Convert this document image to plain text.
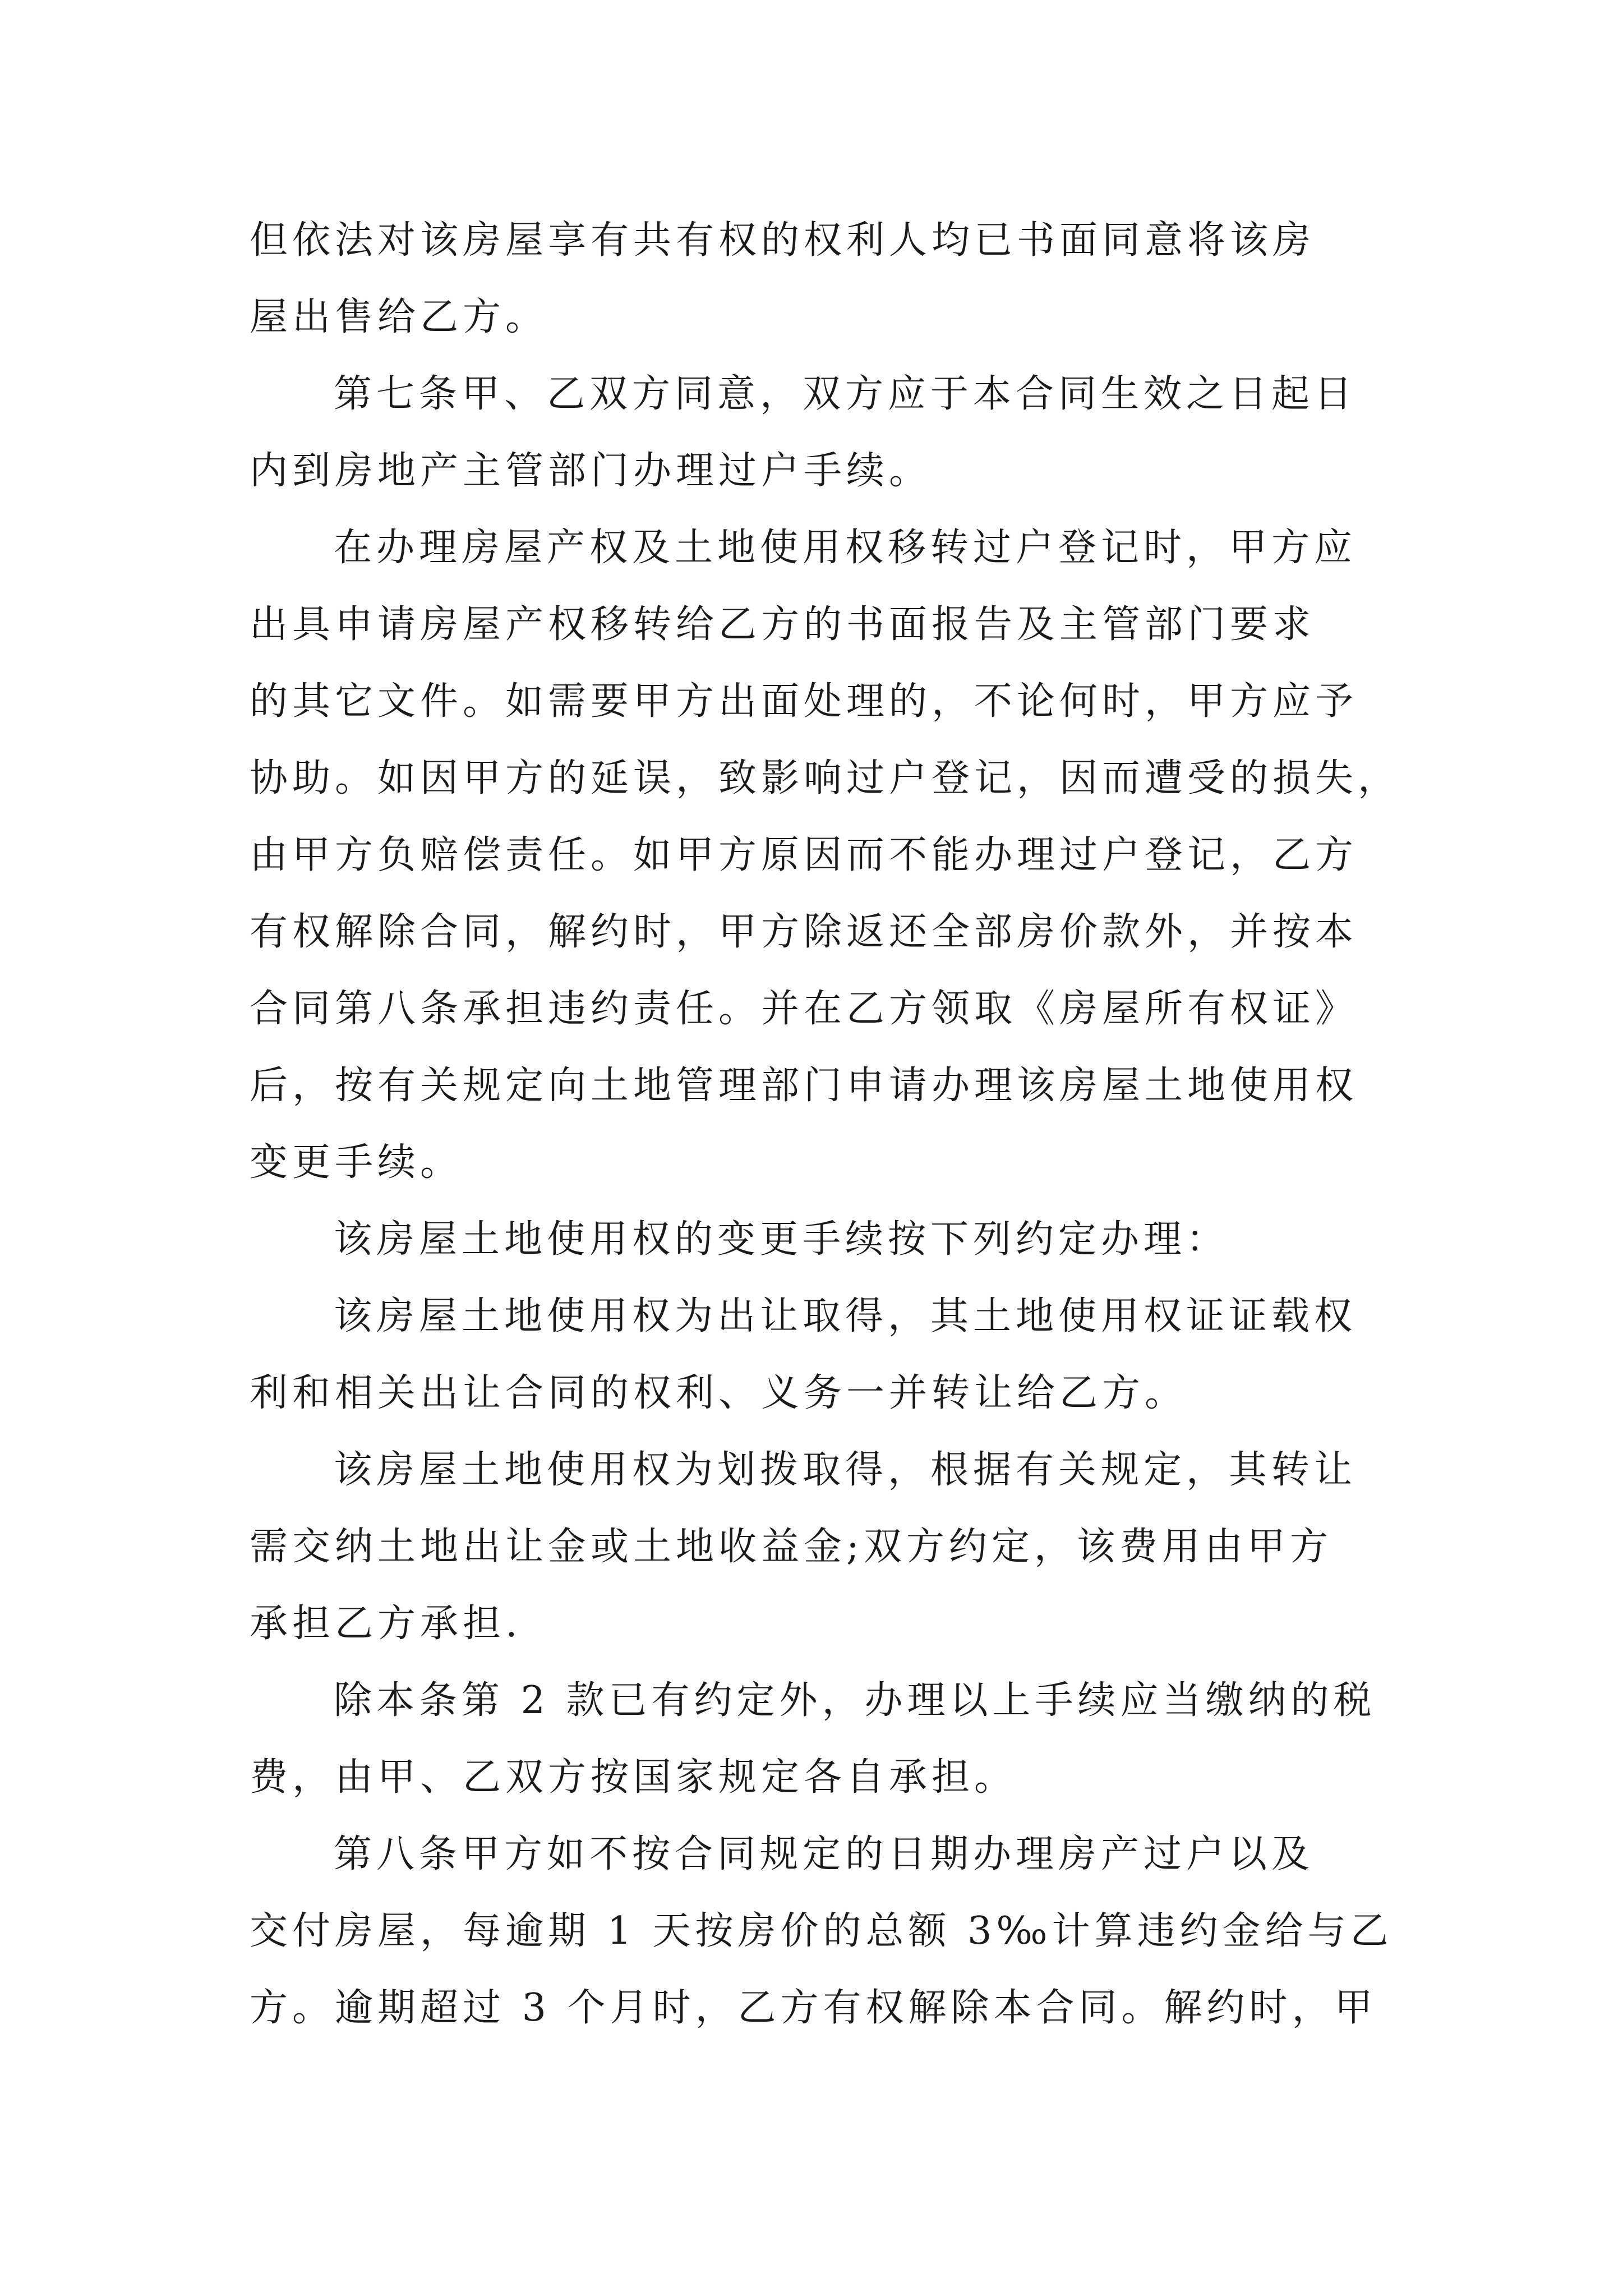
但依法对该房屋享有共有权的权利人均已书面同意将该房
屋出售给乙方。
第七条甲、乙双方同意，双方应于本合同生效之日起日
内到房地产主管部门办理过户手续。
在办理房屋产权及土地使用权移转过户登记时，甲方应
出具申请房屋产权移转给乙方的书面报告及主管部门要求
的其它文件。如需要甲方出面处理的，不论何时，甲方应予
协助。如因甲方的延误，致影响过户登记，因而遭受的损失，
由甲方负赔偿责任。如甲方原因而不能办理过户登记，乙方
有权解除合同，解约时，甲方除返还全部房价款外，并按本
合同第八条承担违约责任。并在乙方领取《房屋所有权证》
后，按有关规定向土地管理部门申请办理该房屋土地使用权
变更手续。
该房屋土地使用权的变更手续按下列约定办理：
该房屋土地使用权为出让取得，其土地使用权证证载权
利和相关出让合同的权利、义务一并转让给乙方。
该房屋土地使用权为划拨取得，根据有关规定，其转让
需交纳土地出让金或土地收益金;双方约定，该费用由甲方
承担乙方承担.
除本条第 2 款已有约定外，办理以上手续应当缴纳的税
费，由甲、乙双方按国家规定各自承担。
第八条甲方如不按合同规定的日期办理房产过户以及
交付房屋，每逾期 1 天按房价的总额 3‰计算违约金给与乙
方。逾期超过 3 个月时，乙方有权解除本合同。解约时，甲
